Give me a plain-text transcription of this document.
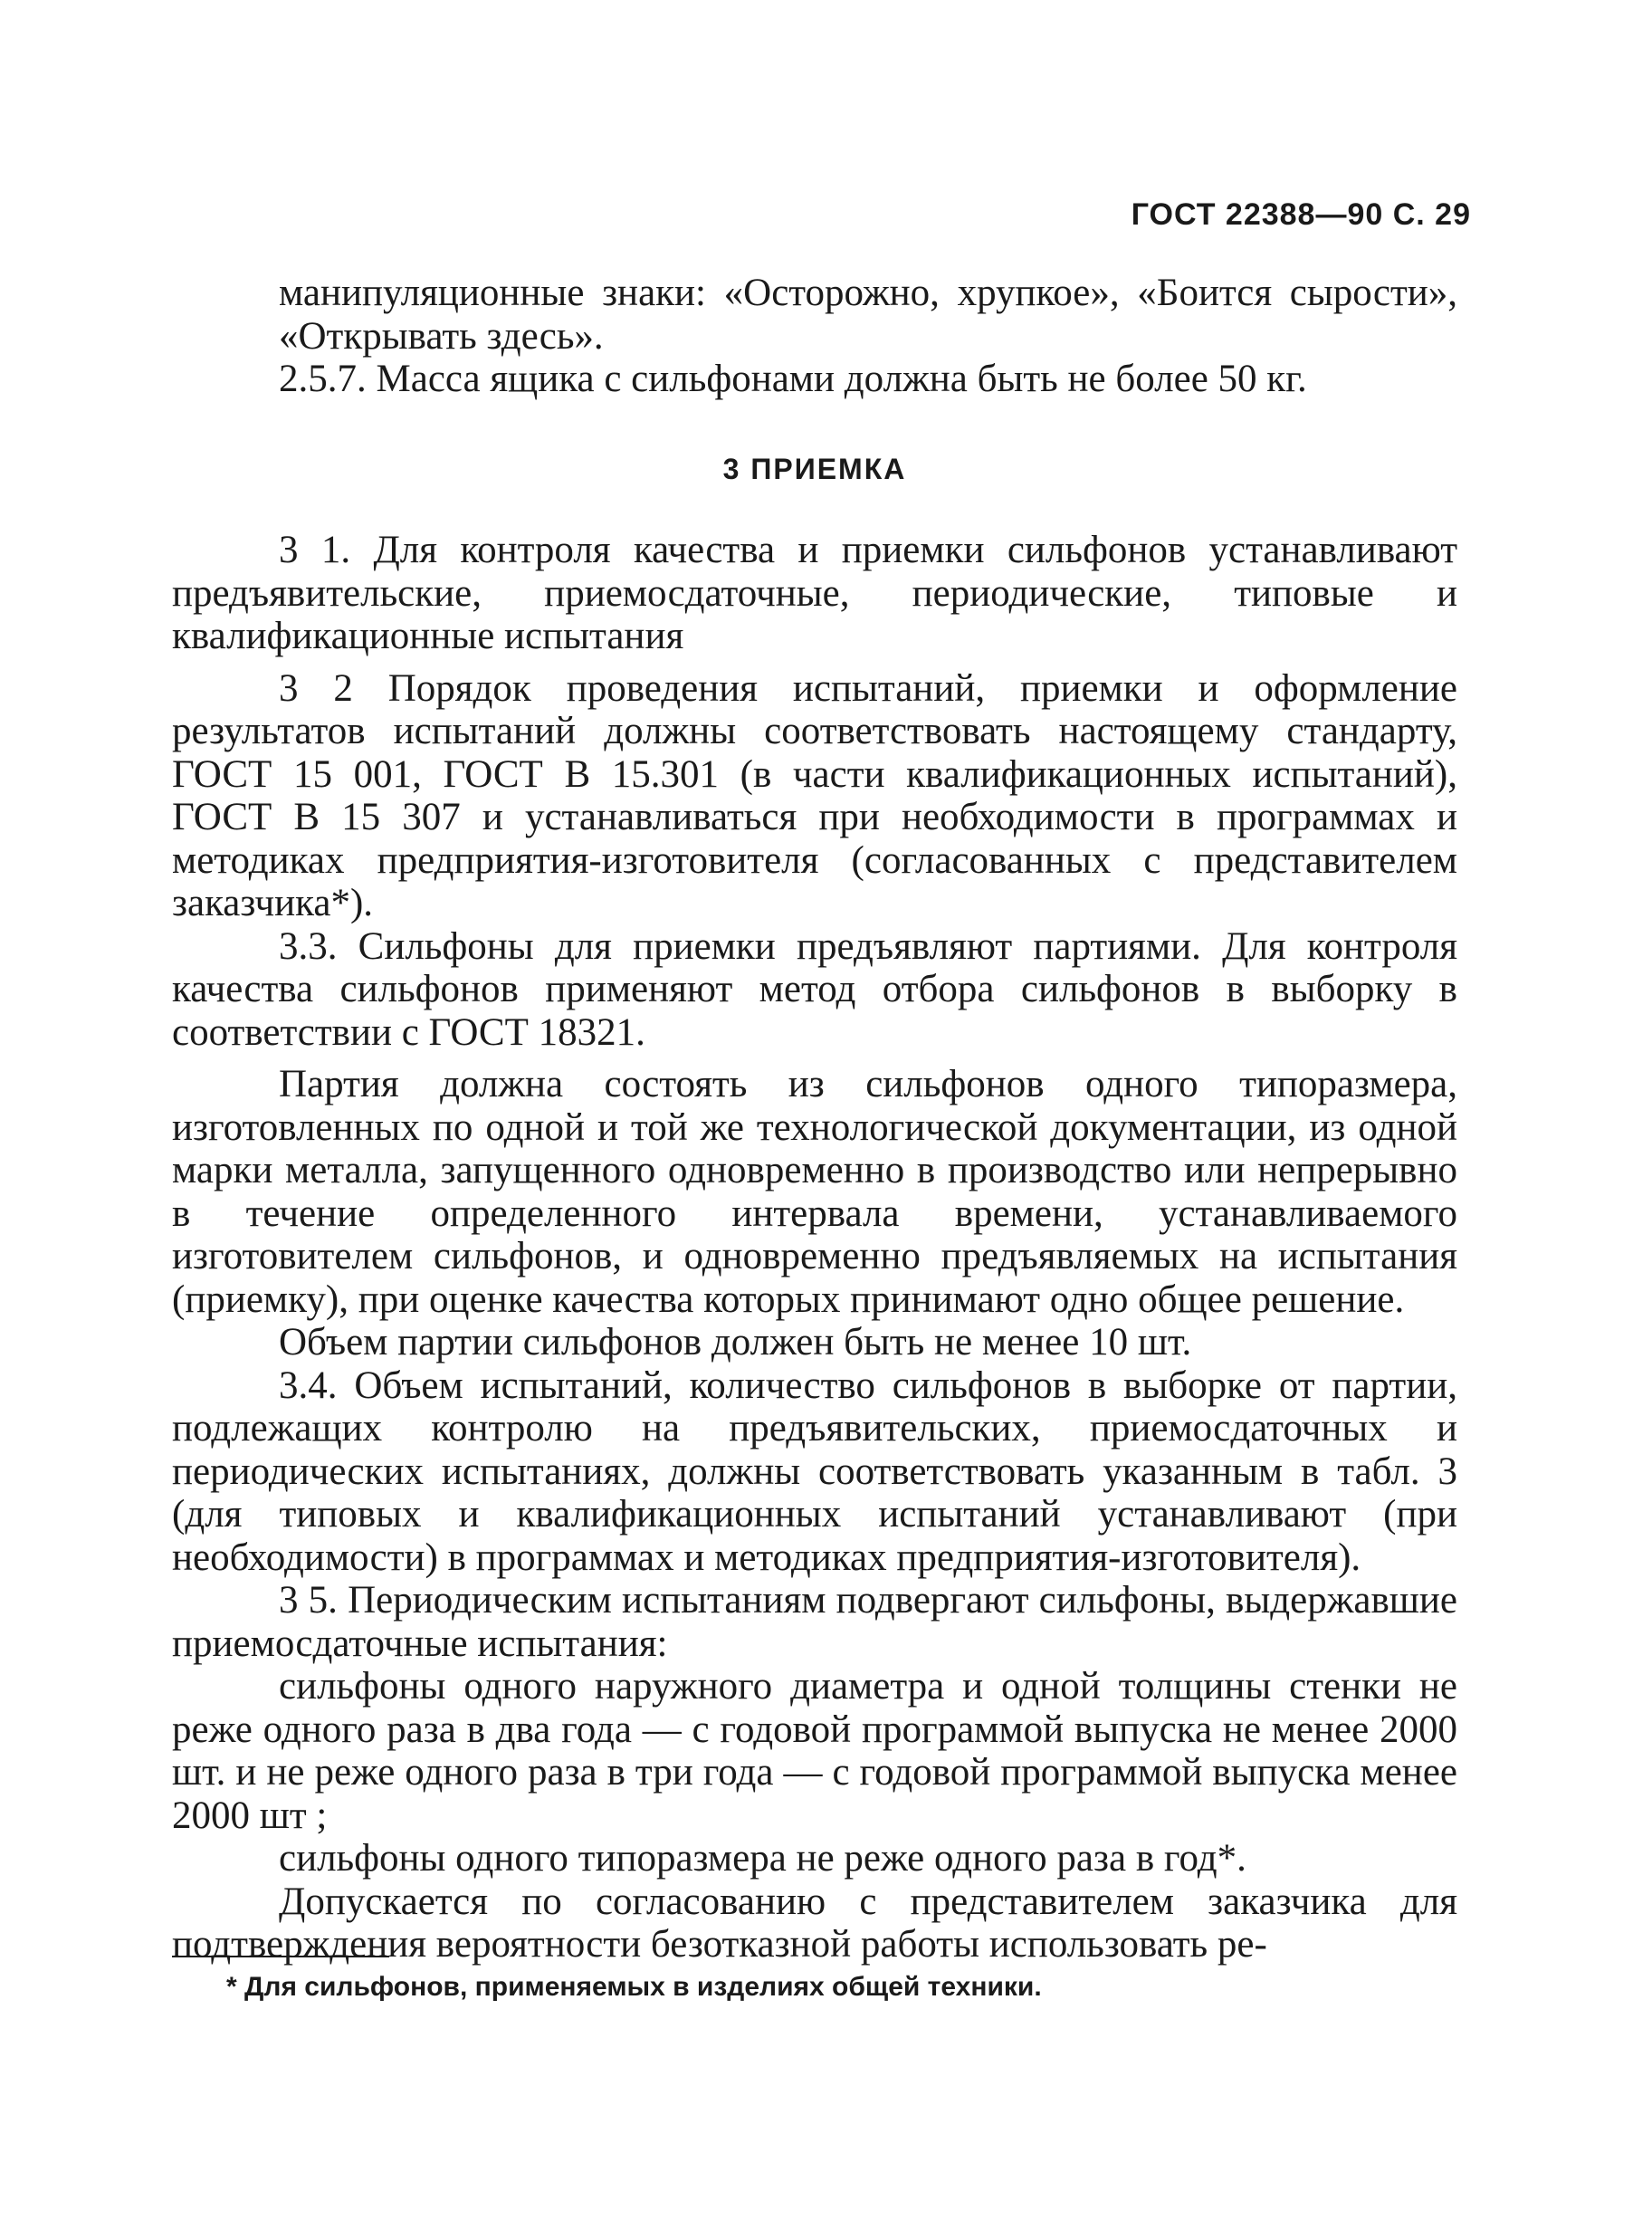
ГОСТ 22388—90 С. 29

манипуляционные знаки: «Осторожно, хрупкое», «Боится сырости», «Открывать здесь».

2.5.7. Масса ящика с сильфонами должна быть не более 50 кг.

3 ПРИЕМКА

3 1. Для контроля качества и приемки сильфонов устанавливают предъявительские, приемосдаточные, периодические, типовые и квалификационные испытания

3 2 Порядок проведения испытаний, приемки и оформление результатов испытаний должны соответствовать настоящему стандарту, ГОСТ 15 001, ГОСТ В 15.301 (в части квалификационных испытаний), ГОСТ В 15 307 и устанавливаться при необходимости в программах и методиках предприятия-изготовителя (согласованных с представителем заказчика*).

3.3. Сильфоны для приемки предъявляют партиями. Для контроля качества сильфонов применяют метод отбора сильфонов в выборку в соответствии с ГОСТ 18321.

Партия должна состоять из сильфонов одного типоразмера, изготовленных по одной и той же технологической документации, из одной марки металла, запущенного одновременно в производство или непрерывно в течение определенного интервала времени, устанавливаемого изготовителем сильфонов, и одновременно предъявляемых на испытания (приемку), при оценке качества которых принимают одно общее решение.

Объем партии сильфонов должен быть не менее 10 шт.

3.4. Объем испытаний, количество сильфонов в выборке от партии, подлежащих контролю на предъявительских, приемосдаточных и периодических испытаниях, должны соответствовать указанным в табл. 3 (для типовых и квалификационных испытаний устанавливают (при необходимости) в программах и методиках предприятия-изготовителя).

3 5. Периодическим испытаниям подвергают сильфоны, выдержавшие приемосдаточные испытания:

сильфоны одного наружного диаметра и одной толщины стенки не реже одного раза в два года — с годовой программой выпуска не менее 2000 шт. и не реже одного раза в три года — с годовой программой выпуска менее 2000 шт ;

сильфоны одного типоразмера не реже одного раза в год*.

Допускается по согласованию с представителем заказчика для подтверждения вероятности безотказной работы использовать ре-

* Для сильфонов, применяемых в изделиях общей техники.
